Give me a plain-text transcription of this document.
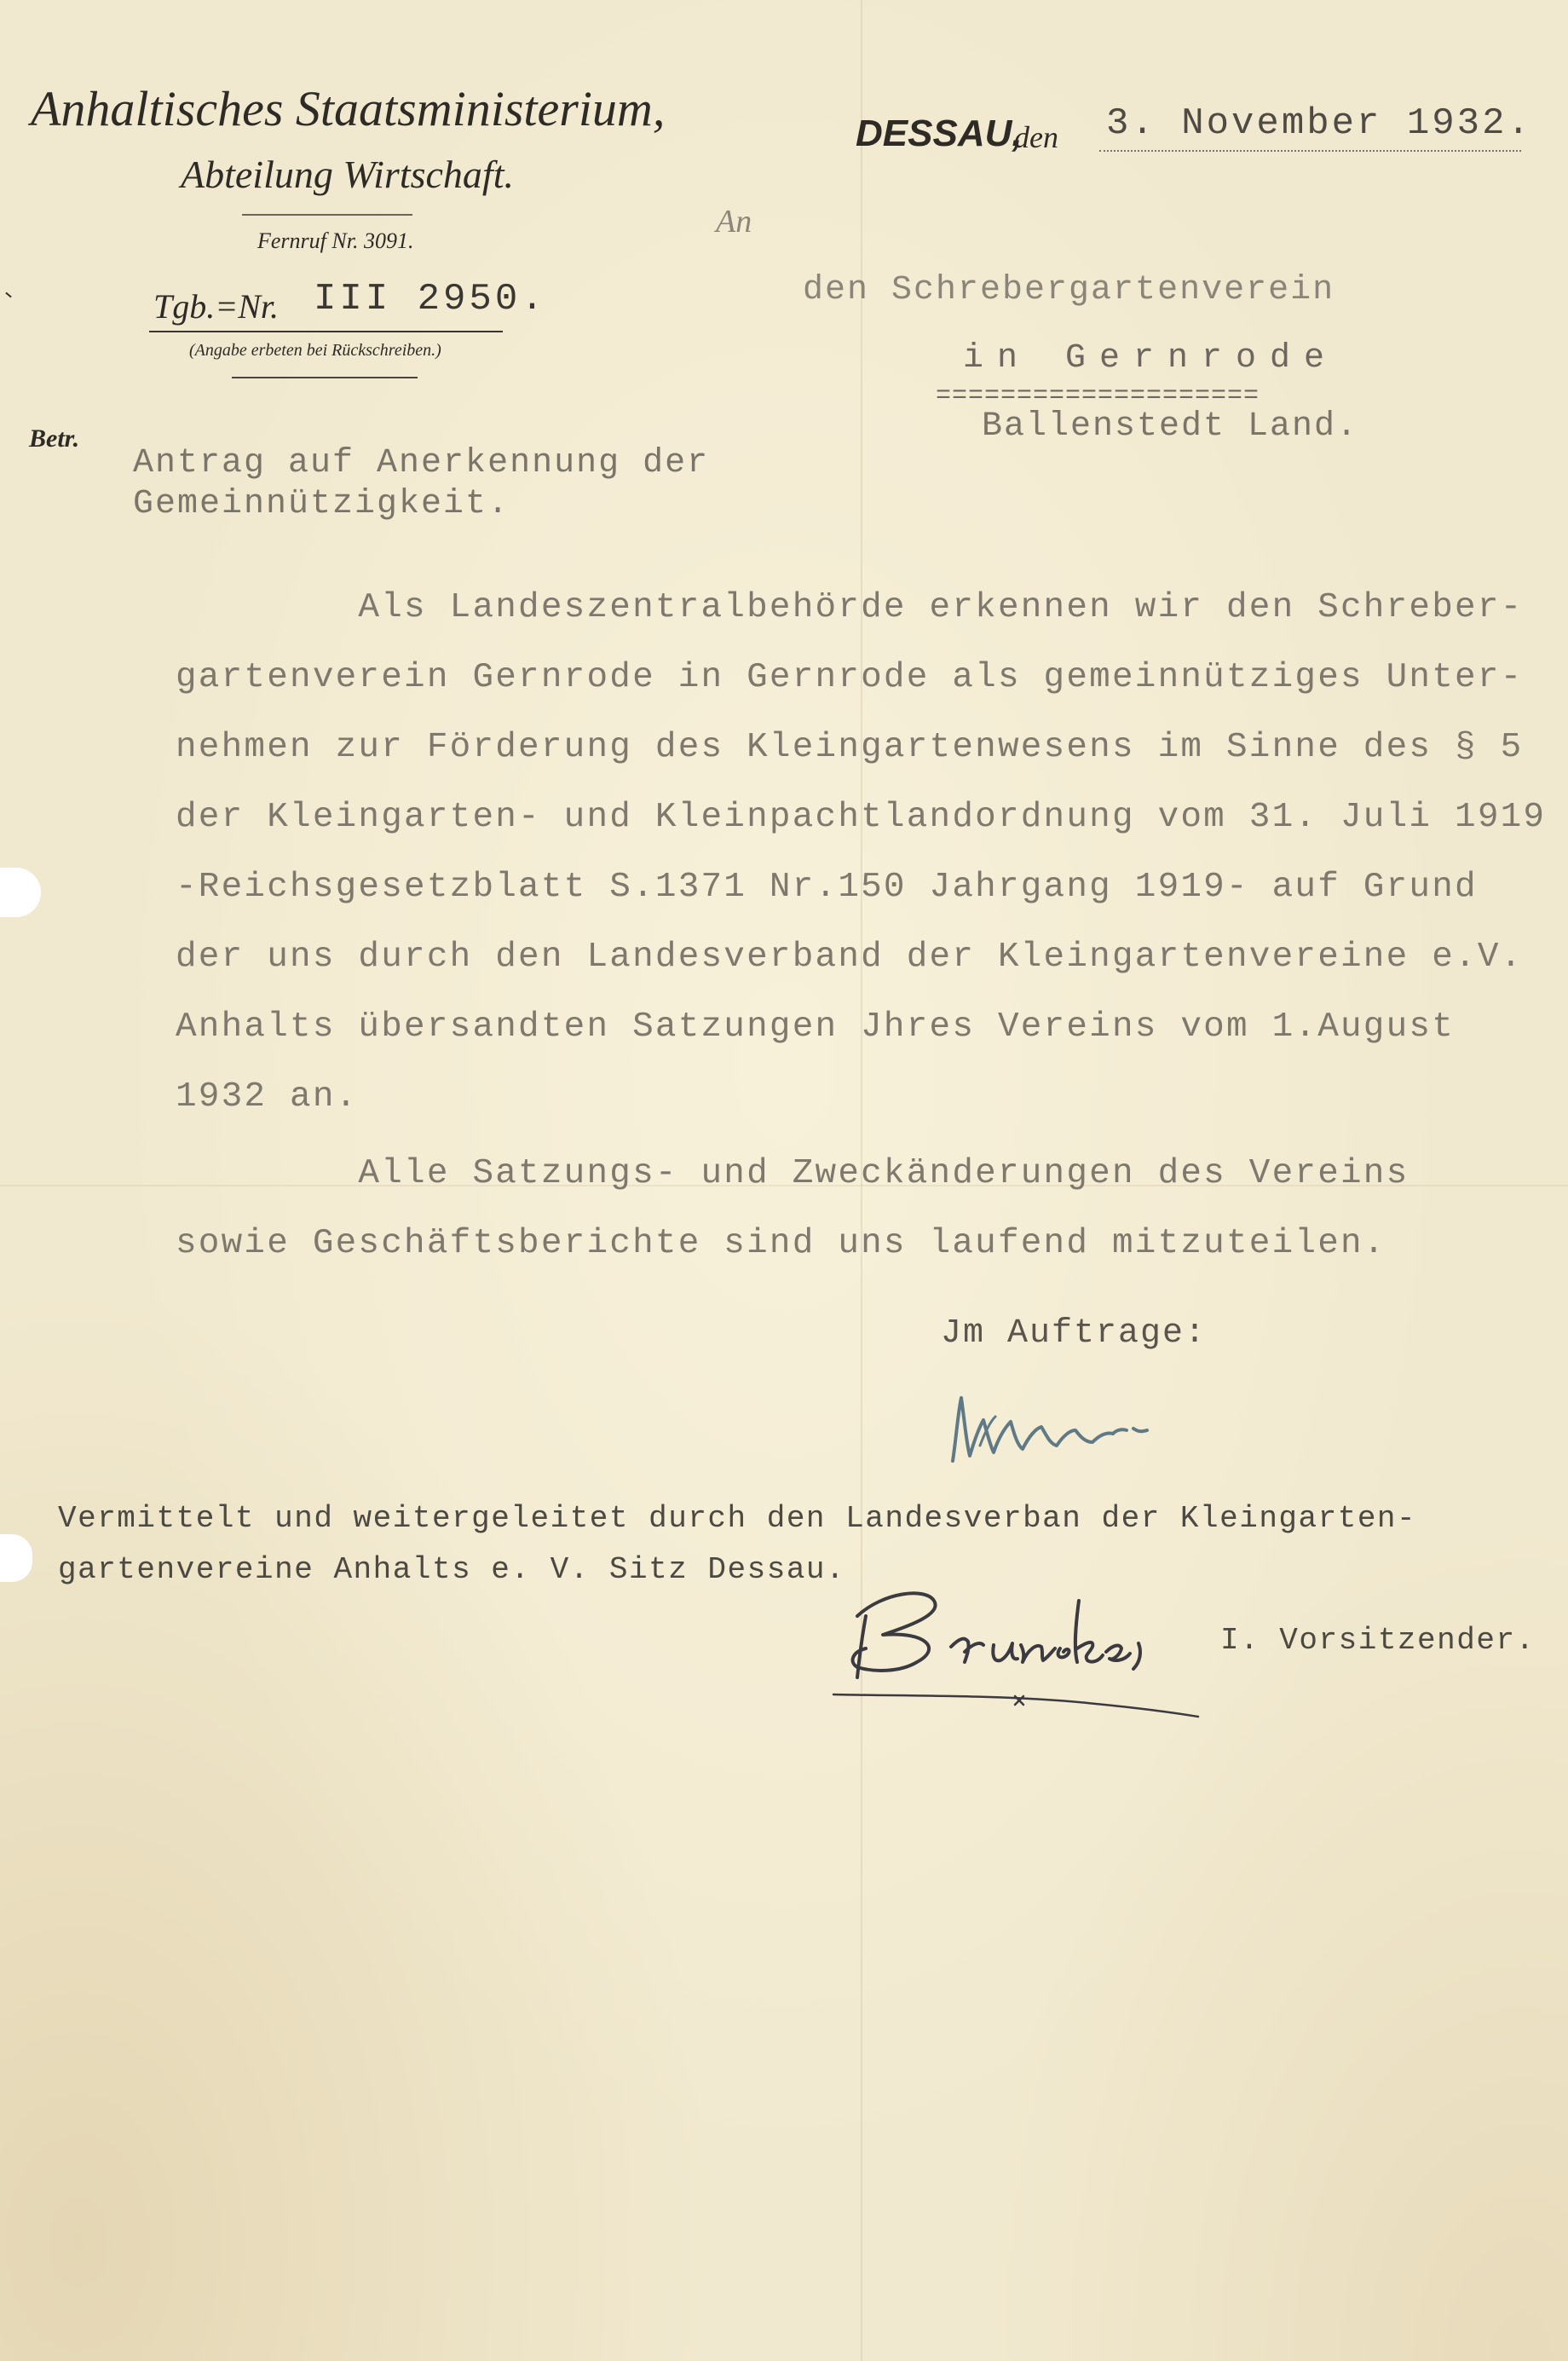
Anhaltisches Staatsministerium,
Abteilung Wirtschaft.
Fernruf Nr. 3091.
Tgb.=Nr. III 2950.
(Angabe erbeten bei Rückschreiben.)
Betr.
DESSAU,
den 3. November 1932.
An
den Schrebergartenverein
in Gernrode
====================
Ballenstedt Land.
Antrag auf Anerkennung der
Gemeinnützigkeit.
Als Landeszentralbehörde erkennen wir den Schreber-
gartenverein Gernrode in Gernrode als gemeinnütziges Unter-
nehmen zur Förderung des Kleingartenwesens im Sinne des § 5
der Kleingarten- und Kleinpachtlandordnung vom 31. Juli 1919
-Reichsgesetzblatt S.1371 Nr.150 Jahrgang 1919- auf Grund
der uns durch den Landesverband der Kleingartenvereine e.V.
Anhalts übersandten Satzungen Jhres Vereins vom 1.August
1932 an.
Alle Satzungs- und Zweckänderungen des Vereins
sowie Geschäftsberichte sind uns laufend mitzuteilen.
Jm Auftrage:
Vermittelt und weitergeleitet durch den Landesverban der Kleingarten-
gartenvereine Anhalts e. V. Sitz Dessau.
I. Vorsitzender.
